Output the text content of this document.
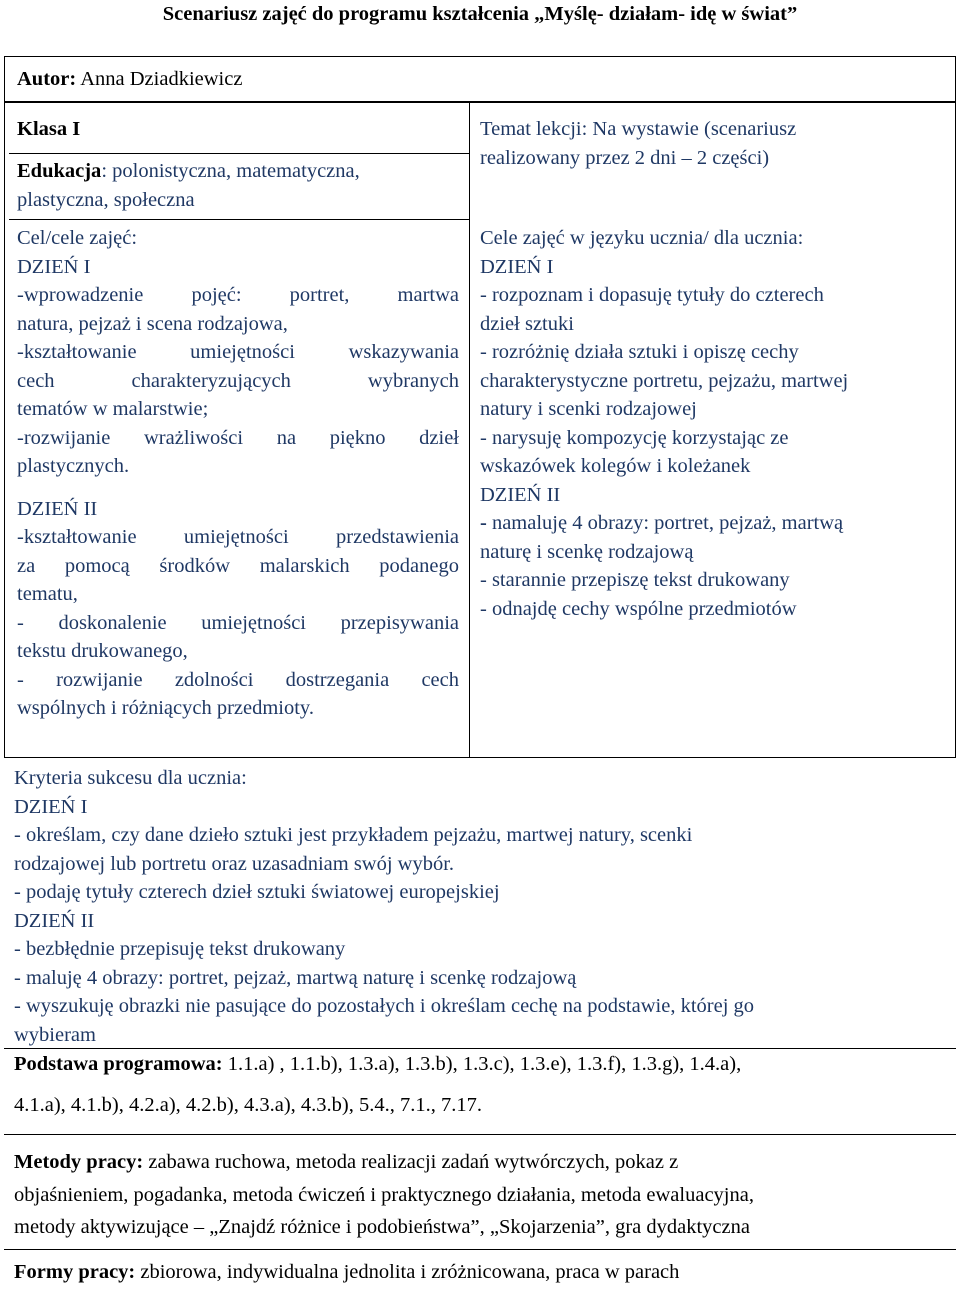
Scenariusz zajęć do programu kształcenia „Myślę- działam- idę w świat”
Autor: Anna Dziadkiewicz
Klasa I
Edukacja: polonistyczna, matematyczna,
plastyczna, społeczna
Cel/cele zajęć:
DZIEŃ I
-wprowadzenie pojęć: portret, martwa
natura, pejzaż i scena rodzajowa,
-kształtowanie umiejętności wskazywania
cech charakteryzujących wybranych
tematów w malarstwie;
-rozwijanie wrażliwości na piękno dzieł
plastycznych.
DZIEŃ II
-kształtowanie umiejętności przedstawienia
za pomocą środków malarskich podanego
tematu,
- doskonalenie umiejętności przepisywania
tekstu drukowanego,
- rozwijanie zdolności dostrzegania cech
wspólnych i różniących przedmioty.
Temat lekcji: Na wystawie (scenariusz
realizowany przez 2 dni – 2 części)
Cele zajęć w języku ucznia/ dla ucznia:
DZIEŃ I
- rozpoznam i dopasuję tytuły do czterech
dzieł sztuki
- rozróżnię działa sztuki i opiszę cechy
charakterystyczne portretu, pejzażu, martwej
natury i scenki rodzajowej
- narysuję kompozycję korzystając ze
wskazówek kolegów i koleżanek
DZIEŃ II
- namaluję 4 obrazy: portret, pejzaż, martwą
naturę i scenkę rodzajową
- starannie przepiszę tekst drukowany
- odnajdę cechy wspólne przedmiotów
Kryteria sukcesu dla ucznia:
DZIEŃ I
- określam, czy dane dzieło sztuki jest przykładem pejzażu, martwej natury, scenki
rodzajowej lub portretu oraz uzasadniam swój wybór.
- podaję tytuły czterech dzieł sztuki światowej europejskiej
DZIEŃ II
- bezbłędnie przepisuję tekst drukowany
- maluję 4 obrazy: portret, pejzaż, martwą naturę i scenkę rodzajową
- wyszukuję obrazki nie pasujące do pozostałych i określam cechę na podstawie, której go
wybieram
Podstawa programowa: 1.1.a) , 1.1.b), 1.3.a), 1.3.b), 1.3.c), 1.3.e), 1.3.f), 1.3.g), 1.4.a),
4.1.a), 4.1.b), 4.2.a), 4.2.b), 4.3.a), 4.3.b), 5.4., 7.1., 7.17.
Metody pracy: zabawa ruchowa, metoda realizacji zadań wytwórczych, pokaz z
objaśnieniem, pogadanka, metoda ćwiczeń i praktycznego działania, metoda ewaluacyjna,
metody aktywizujące – „Znajdź różnice i podobieństwa”, „Skojarzenia”, gra dydaktyczna
Formy pracy: zbiorowa, indywidualna jednolita i zróżnicowana, praca w parach
